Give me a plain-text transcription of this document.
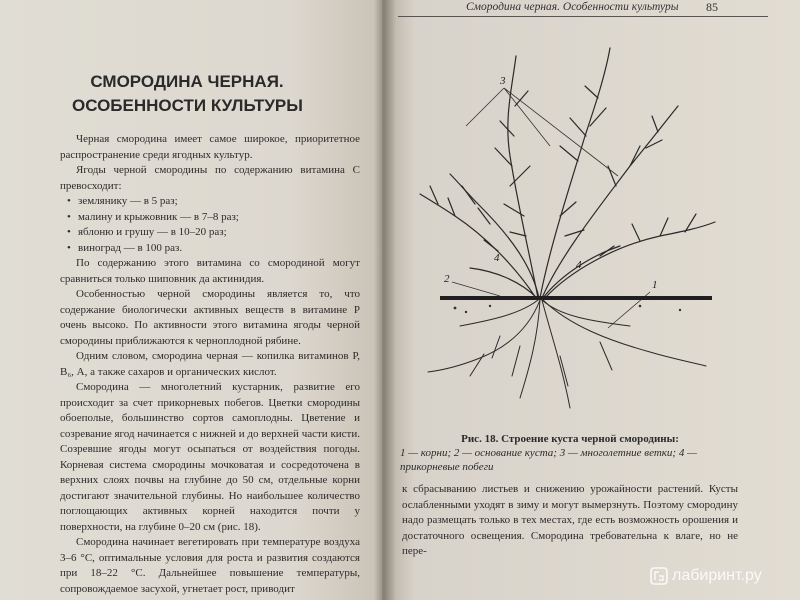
СМОРОДИНА ЧЕРНАЯ.
ОСОБЕННОСТИ КУЛЬТУРЫ

Черная смородина имеет самое широкое, приоритетное распространение среди ягодных культур.

Ягоды черной смородины по содержанию витамина С превосходит:

• землянику — в 5 раз;
• малину и крыжовник — в 7–8 раз;
• яблоню и грушу — в 10–20 раз;
• виноград — в 100 раз.

По содержанию этого витамина со смородиной могут сравниться только шиповник да актинидия.

Особенностью черной смородины является то, что содержание биологически активных веществ в витамине Р очень высоко. По активности этого витамина ягоды черной смородины приближаются к черноплодной рябине.

Одним словом, смородина черная — копилка витаминов Р, B₆, А, а также сахаров и органических кислот.

Смородина — многолетний кустарник, развитие его происходит за счет прикорневых побегов. Цветки смородины обоеполые, большинство сортов самоплодны. Цветение и созревание ягод начинается с нижней и до верхней части кисти. Созревшие ягоды могут осыпаться от воздействия погоды. Корневая система смородины мочковатая и сосредоточена в верхних слоях почвы на глубине до 50 см, отдельные корни достигают значительной глубины. Но наибольшее количество поглощающих активных корней находится почти у поверхности, на глубине 0–20 см (рис. 18).

Смородина начинает вегетировать при температуре воздуха 3–6 °С, оптимальные условия для роста и развития создаются при 18–22 °С. Дальнейшее повышение температуры, сопровождаемое засухой, угнетает рост, приводит

Смородина черная. Особенности культуры	85
3
4
4
2	1
Рис. 18. Строение куста черной смородины:
1 — корни; 2 — основание куста; 3 — многолетние ветки; 4 — прикорневые побеги
к сбрасыванию листьев и снижению урожайности растений. Кусты ослабленными уходят в зиму и могут вымерзнуть. Поэтому смородину надо размещать только в тех местах, где есть возможность орошения и достаточного освещения. Смородина требовательна к влаге, но не пере-
лабиринт.ру
